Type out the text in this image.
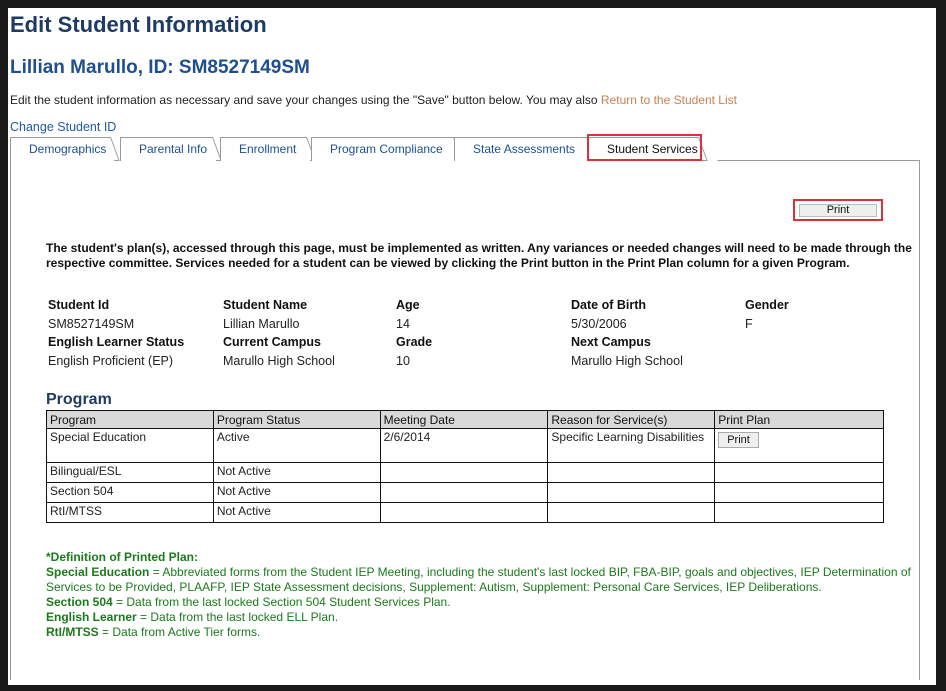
Edit Student Information
Lillian Marullo, ID: SM8527149SM
Edit the student information as necessary and save your changes using the "Save" button below. You may also Return to the Student List
Change Student ID
Demographics	Parental Info	Enrollment	Program Compliance	State Assessments	Student Services
Print
The student's plan(s), accessed through this page, must be implemented as written. Any variances or needed changes will need to be made through the respective committee. Services needed for a student can be viewed by clicking the Print button in the Print Plan column for a given Program.
Student Id	Student Name	Age	Date of Birth	Gender
SM8527149SM	Lillian Marullo	14	5/30/2006	F
English Learner Status	Current Campus	Grade	Next Campus
English Proficient (EP)	Marullo High School	10	Marullo High School
Program
Program	Program Status	Meeting Date	Reason for Service(s)	Print Plan
Special Education	Active	2/6/2014	Specific Learning Disabilities	Print
Bilingual/ESL	Not Active			
Section 504	Not Active			
RtI/MTSS	Not Active			
*Definition of Printed Plan:
Special Education = Abbreviated forms from the Student IEP Meeting, including the student's last locked BIP, FBA-BIP, goals and objectives, IEP Determination of Services to be Provided, PLAAFP, IEP State Assessment decisions, Supplement: Autism, Supplement: Personal Care Services, IEP Deliberations.
Section 504 = Data from the last locked Section 504 Student Services Plan.
English Learner = Data from the last locked ELL Plan.
RtI/MTSS = Data from Active Tier forms.
